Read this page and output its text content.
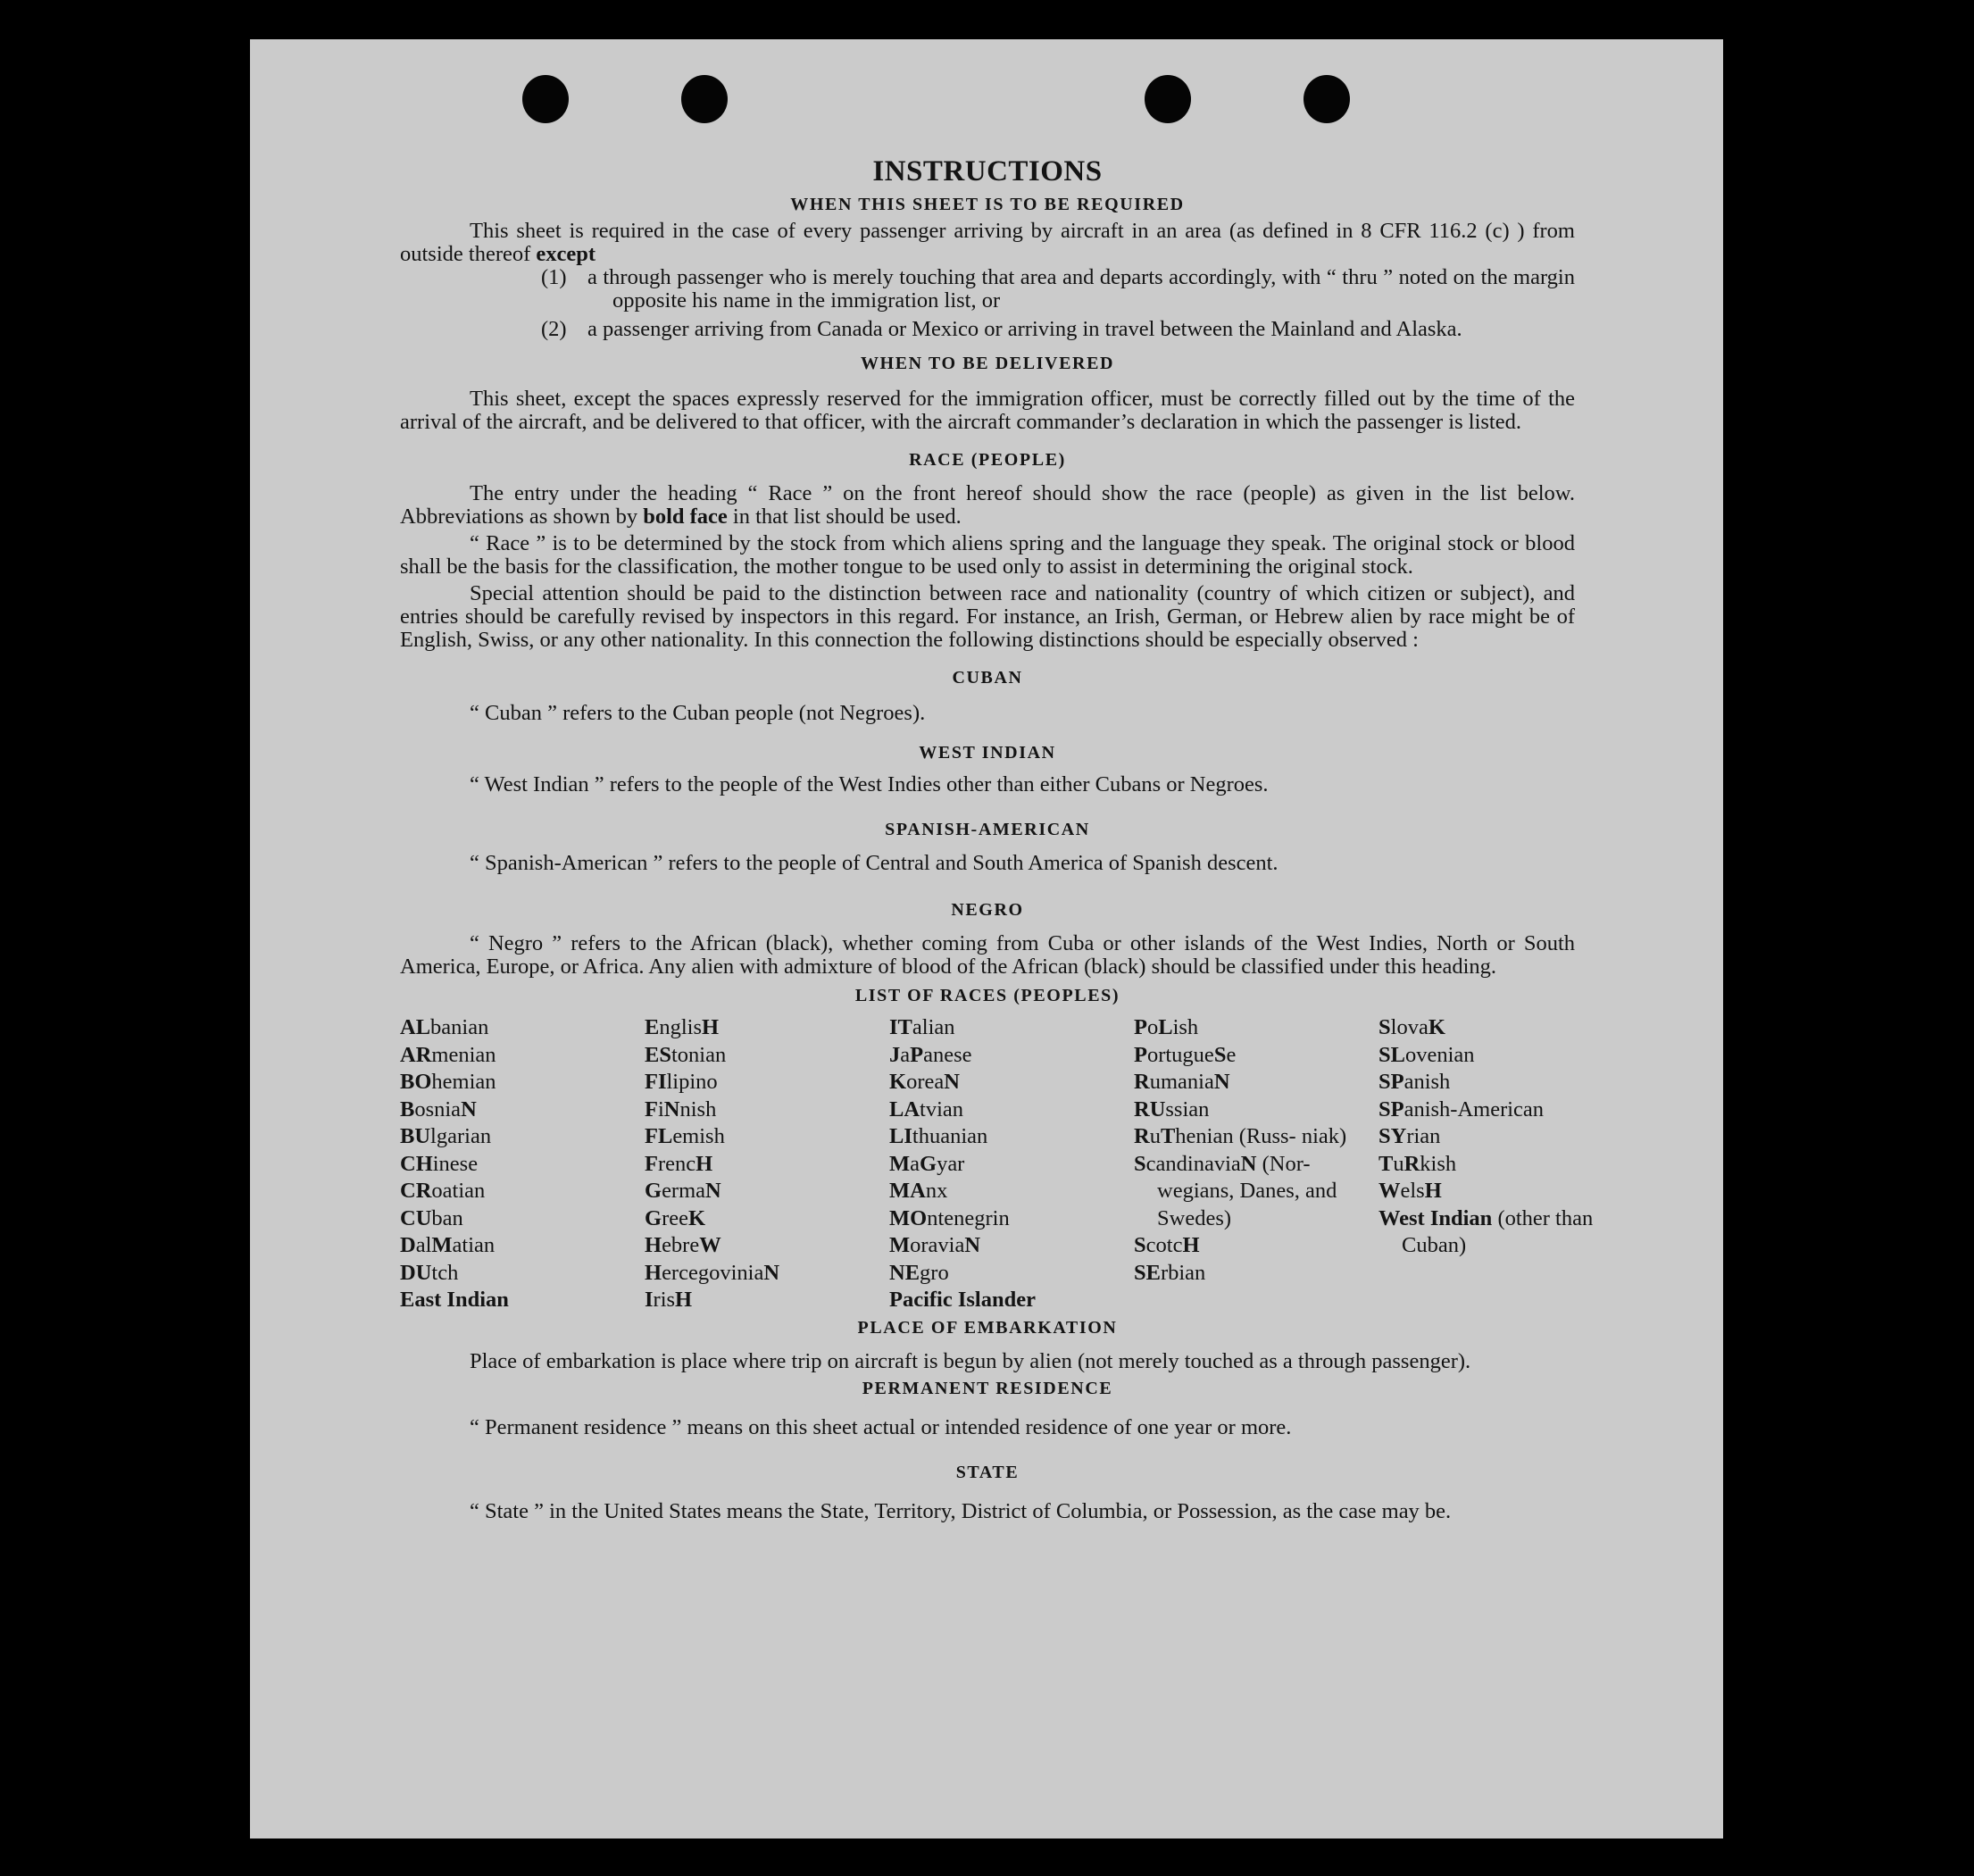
INSTRUCTIONS
WHEN THIS SHEET IS TO BE REQUIRED

This sheet is required in the case of every passenger arriving by aircraft in an area (as defined in 8 CFR 116.2 (c) ) from outside thereof except

(1) a through passenger who is merely touching that area and departs accordingly, with “ thru ” noted on the margin opposite his name in the immigration list, or
(2) a passenger arriving from Canada or Mexico or arriving in travel between the Mainland and Alaska.
WHEN TO BE DELIVERED

This sheet, except the spaces expressly reserved for the immigration officer, must be correctly filled out by the time of the arrival of the aircraft, and be delivered to that officer, with the aircraft commander’s declaration in which the passenger is listed.

RACE (PEOPLE)

The entry under the heading “ Race ” on the front hereof should show the race (people) as given in the list below. Abbreviations as shown by bold face in that list should be used.

“ Race ” is to be determined by the stock from which aliens spring and the language they speak. The original stock or blood shall be the basis for the classification, the mother tongue to be used only to assist in determining the original stock.

Special attention should be paid to the distinction between race and nationality (country of which citizen or subject), and entries should be carefully revised by inspectors in this regard. For instance, an Irish, German, or Hebrew alien by race might be of English, Swiss, or any other nationality. In this connection the following distinctions should be especially observed :

CUBAN

“ Cuban ” refers to the Cuban people (not Negroes).

WEST INDIAN

“ West Indian ” refers to the people of the West Indies other than either Cubans or Negroes.

SPANISH-AMERICAN

“ Spanish-American ” refers to the people of Central and South America of Spanish descent.

NEGRO

“ Negro ” refers to the African (black), whether coming from Cuba or other islands of the West Indies, North or South America, Europe, or Africa. Any alien with admixture of blood of the African (black) should be classified under this heading.

LIST OF RACES (PEOPLES)
ALbanian
ARmenian
BOhemian
BosniaN
BUlgarian
CHinese
CRoatian
CUban
DalMatian
DUtch
East Indian
EnglisH
EStonian
FIlipino
FiNnish
FLemish
FrencH
GermaN
GreeK
HebreW
HercegoviniaN
IrisH
ITalian
JaPanese
KoreaN
LAtvian
LIthuanian
MaGyar
MAnx
MOntenegrin
MoraviaN
NEgro
Pacific Islander
PoLish
PortugueSe
RumaniaN
RUssian
RuThenian (Russ- niak)
ScandinaviaN (Nor- wegians, Danes, and Swedes)
ScotcH
SErbian
SlovaK
SLovenian
SPanish
SPanish-American
SYrian
TuRkish
WelsH
West Indian (other than Cuban)
PLACE OF EMBARKATION

Place of embarkation is place where trip on aircraft is begun by alien (not merely touched as a through passenger).

PERMANENT RESIDENCE

“ Permanent residence ” means on this sheet actual or intended residence of one year or more.

STATE

“ State ” in the United States means the State, Territory, District of Columbia, or Possession, as the case may be.
